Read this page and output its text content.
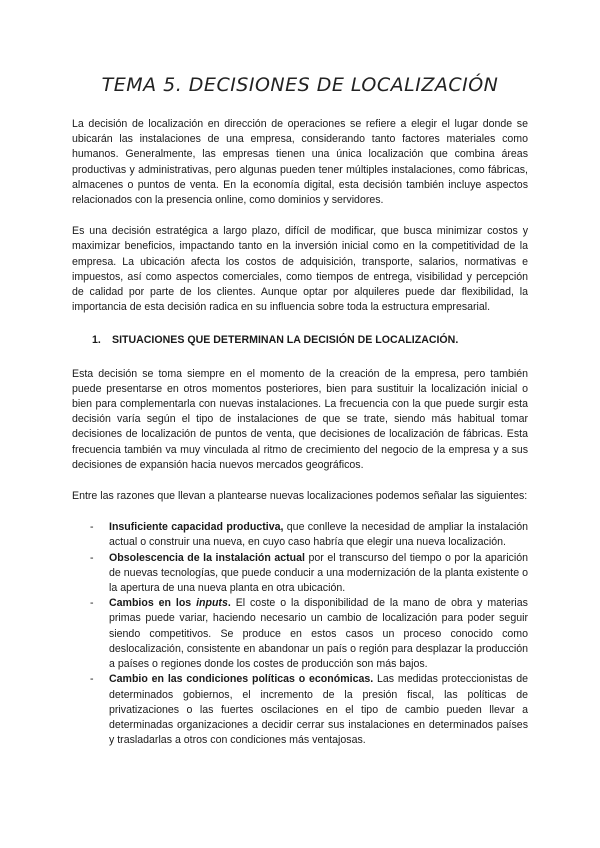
TEMA 5. DECISIONES DE LOCALIZACIÓN

La decisión de localización en dirección de operaciones se refiere a elegir el lugar donde se ubicarán las instalaciones de una empresa, considerando tanto factores materiales como humanos. Generalmente, las empresas tienen una única localización que combina áreas productivas y administrativas, pero algunas pueden tener múltiples instalaciones, como fábricas, almacenes o puntos de venta. En la economía digital, esta decisión también incluye aspectos relacionados con la presencia online, como dominios y servidores.

Es una decisión estratégica a largo plazo, difícil de modificar, que busca minimizar costos y maximizar beneficios, impactando tanto en la inversión inicial como en la competitividad de la empresa. La ubicación afecta los costos de adquisición, transporte, salarios, normativas e impuestos, así como aspectos comerciales, como tiempos de entrega, visibilidad y percepción de calidad por parte de los clientes. Aunque optar por alquileres puede dar flexibilidad, la importancia de esta decisión radica en su influencia sobre toda la estructura empresarial.

1. SITUACIONES QUE DETERMINAN LA DECISIÓN DE LOCALIZACIÓN.

Esta decisión se toma siempre en el momento de la creación de la empresa, pero también puede presentarse en otros momentos posteriores, bien para sustituir la localización inicial o bien para complementarla con nuevas instalaciones. La frecuencia con la que puede surgir esta decisión varía según el tipo de instalaciones de que se trate, siendo más habitual tomar decisiones de localización de puntos de venta, que decisiones de localización de fábricas. Esta frecuencia también va muy vinculada al ritmo de crecimiento del negocio de la empresa y a sus decisiones de expansión hacia nuevos mercados geográficos.

Entre las razones que llevan a plantearse nuevas localizaciones podemos señalar las siguientes:

- Insuficiente capacidad productiva, que conlleve la necesidad de ampliar la instalación actual o construir una nueva, en cuyo caso habría que elegir una nueva localización.
- Obsolescencia de la instalación actual por el transcurso del tiempo o por la aparición de nuevas tecnologías, que puede conducir a una modernización de la planta existente o la apertura de una nueva planta en otra ubicación.
- Cambios en los inputs. El coste o la disponibilidad de la mano de obra y materias primas puede variar, haciendo necesario un cambio de localización para poder seguir siendo competitivos. Se produce en estos casos un proceso conocido como deslocalización, consistente en abandonar un país o región para desplazar la producción a países o regiones donde los costes de producción son más bajos.
- Cambio en las condiciones políticas o económicas. Las medidas proteccionistas de determinados gobiernos, el incremento de la presión fiscal, las políticas de privatizaciones o las fuertes oscilaciones en el tipo de cambio pueden llevar a determinadas organizaciones a decidir cerrar sus instalaciones en determinados países y trasladarlas a otros con condiciones más ventajosas.
